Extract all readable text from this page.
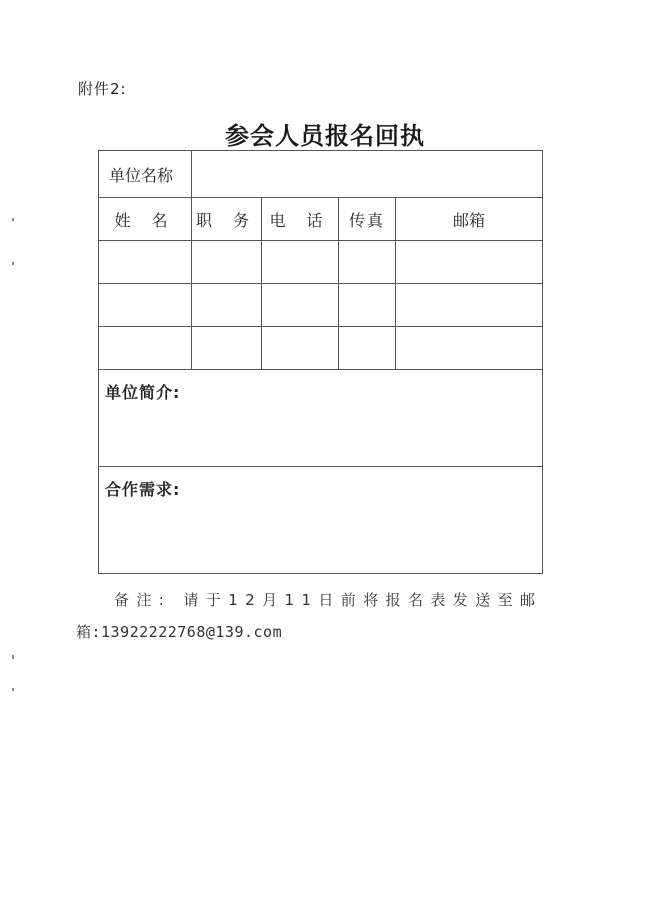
附件2:
参会人员报名回执
单位名称				
姓 名	职 务	电 话	传真	邮箱

单位简介:				
合作需求:				
备注: 请于12月11日前将报名表发送至邮
箱:13922222768@139.com
